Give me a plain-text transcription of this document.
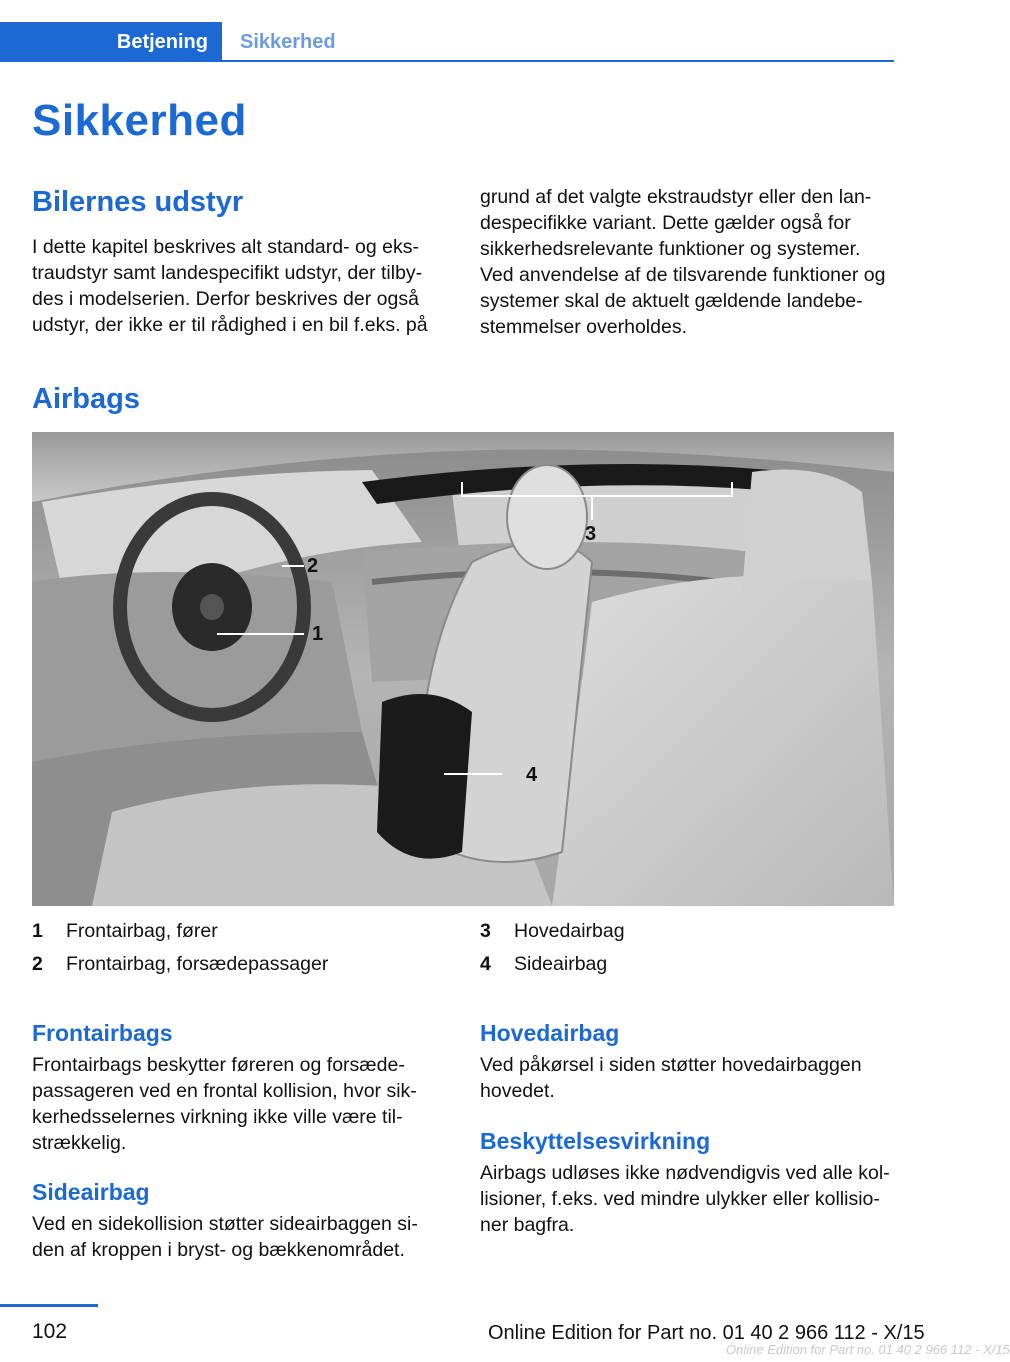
Betjening	Sikkerhed
Sikkerhed
Bilernes udstyr
I dette kapitel beskrives alt standard- og eks-
traudstyr samt landespecifikt udstyr, der tilby-
des i modelserien. Derfor beskrives der også
udstyr, der ikke er til rådighed i en bil f.eks. på
grund af det valgte ekstraudstyr eller den lan-
despecifikke variant. Dette gælder også for
sikkerhedsrelevante funktioner og systemer.
Ved anvendelse af de tilsvarende funktioner og
systemer skal de aktuelt gældende landebe-
stemmelser overholdes.
Airbags
3
2
1
4
1 Frontairbag, fører
2 Frontairbag, forsædepassager
3 Hovedairbag
4 Sideairbag
Frontairbags
Frontairbags beskytter føreren og forsæde-
passageren ved en frontal kollision, hvor sik-
kerhedsselernes virkning ikke ville være til-
strækkelig.
Sideairbag
Ved en sidekollision støtter sideairbaggen si-
den af kroppen i bryst- og bækkenområdet.
Hovedairbag
Ved påkørsel i siden støtter hovedairbaggen
hovedet.
Beskyttelsesvirkning
Airbags udløses ikke nødvendigvis ved alle kol-
lisioner, f.eks. ved mindre ulykker eller kollisio-
ner bagfra.
102	Online Edition for Part no. 01 40 2 966 112 - X/15
Online Edition for Part no. 01 40 2 966 112 - X/15
